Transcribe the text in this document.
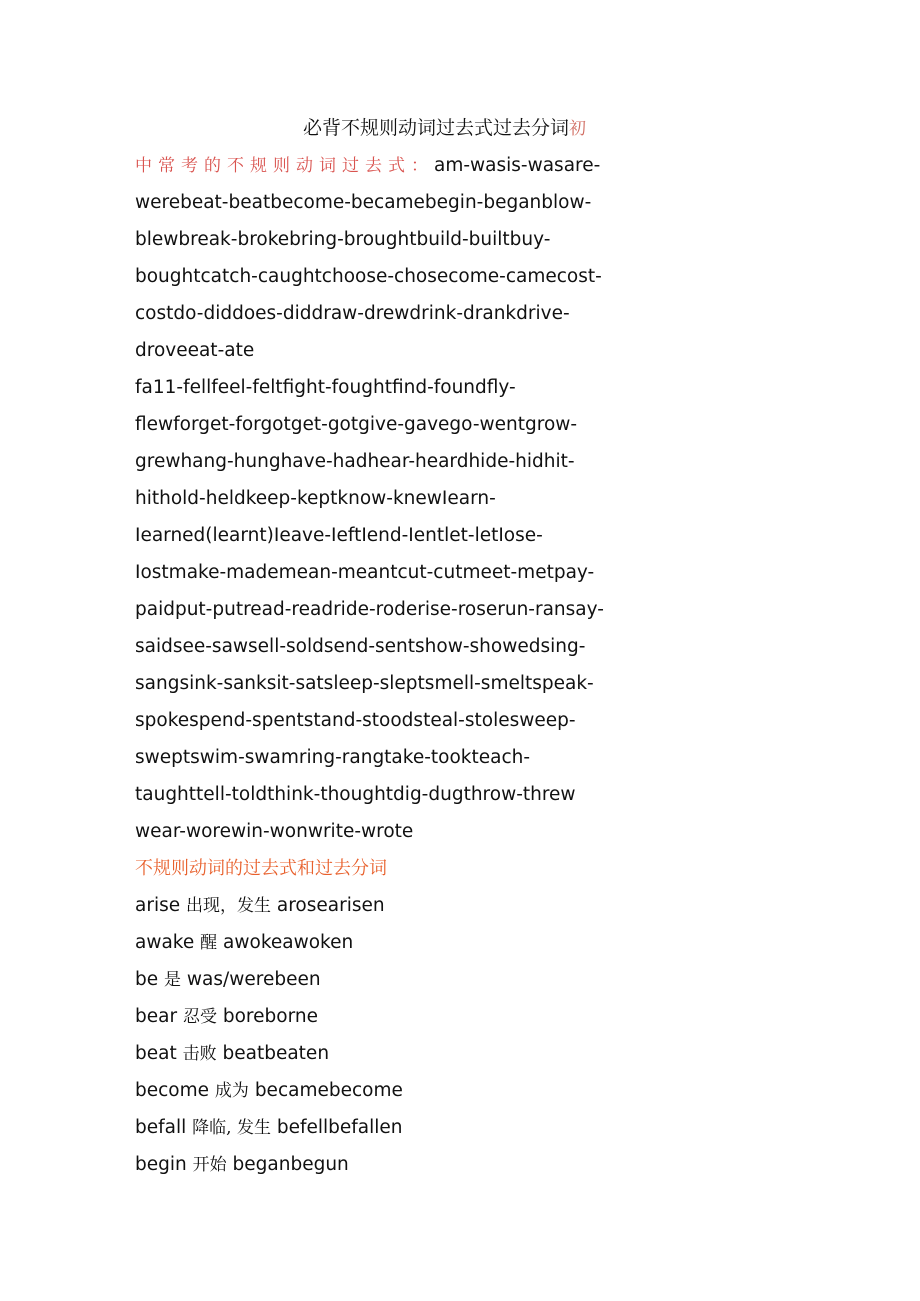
必背不规则动词过去式过去分词初
中常考的不规则动词过去式：am-wasis-wasare-
werebeat-beatbecome-becamebegin-beganblow-
blewbreak-brokebring-broughtbuild-builtbuy-
boughtcatch-caughtchoose-chosecome-camecost-
costdo-diddoes-diddraw-drewdrink-drankdrive-
droveeat-ate
fa11-fellfeel-feltfight-foughtfind-foundfly-
flewforget-forgotget-gotgive-gavego-wentgrow-
grewhang-hunghave-hadhear-heardhide-hidhit-
hithold-heldkeep-keptknow-knewIearn-
Iearned(learnt)Ieave-IeftIend-Ientlet-letIose-
Iostmake-mademean-meantcut-cutmeet-metpay-
paidput-putread-readride-roderise-roserun-ransay-
saidsee-sawsell-soldsend-sentshow-showedsing-
sangsink-sanksit-satsleep-sleptsmell-smeltspeak-
spokespend-spentstand-stoodsteal-stolesweep-
sweptswim-swamring-rangtake-tookteach-
taughttell-toldthink-thoughtdig-dugthrow-threw
wear-worewin-wonwrite-wrote
不规则动词的过去式和过去分词
arise 出现，发生 arosearisen
awake 醒 awokeawoken
be 是 was/werebeen
bear 忍受 boreborne
beat 击败 beatbeaten
become 成为 becamebecome
befall 降临, 发生 befellbefallen
begin 开始 beganbegun
